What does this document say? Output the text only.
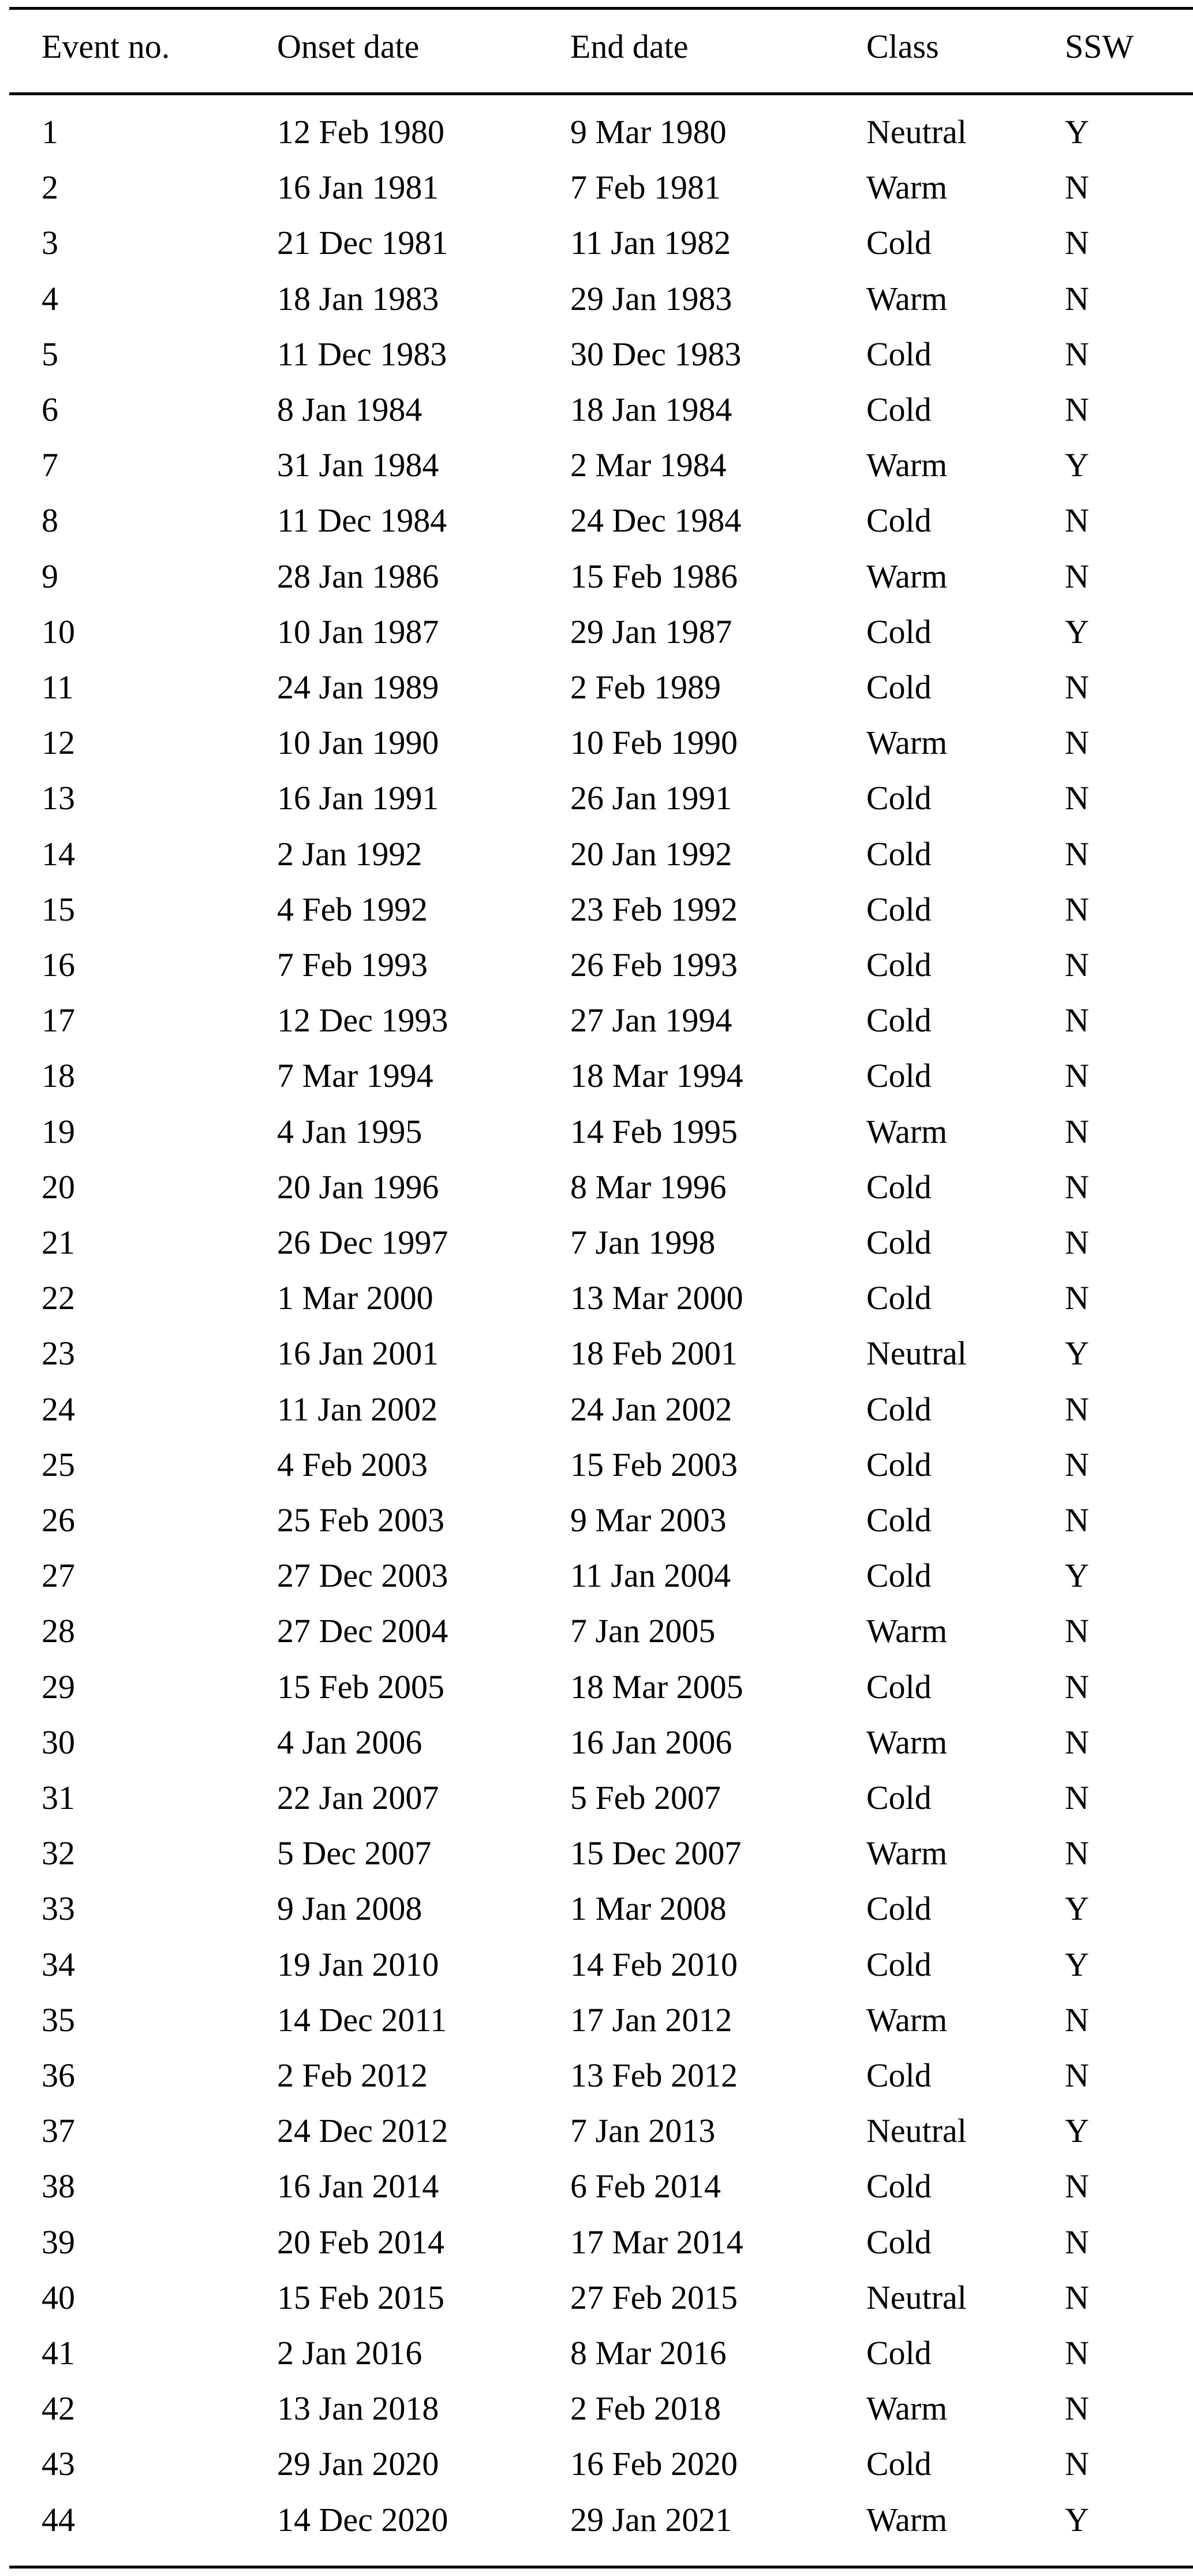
Event no.	Onset date	End date	Class	SSW
1	12 Feb 1980	9 Mar 1980	Neutral	Y
2	16 Jan 1981	7 Feb 1981	Warm	N
3	21 Dec 1981	11 Jan 1982	Cold	N
4	18 Jan 1983	29 Jan 1983	Warm	N
5	11 Dec 1983	30 Dec 1983	Cold	N
6	8 Jan 1984	18 Jan 1984	Cold	N
7	31 Jan 1984	2 Mar 1984	Warm	Y
8	11 Dec 1984	24 Dec 1984	Cold	N
9	28 Jan 1986	15 Feb 1986	Warm	N
10	10 Jan 1987	29 Jan 1987	Cold	Y
11	24 Jan 1989	2 Feb 1989	Cold	N
12	10 Jan 1990	10 Feb 1990	Warm	N
13	16 Jan 1991	26 Jan 1991	Cold	N
14	2 Jan 1992	20 Jan 1992	Cold	N
15	4 Feb 1992	23 Feb 1992	Cold	N
16	7 Feb 1993	26 Feb 1993	Cold	N
17	12 Dec 1993	27 Jan 1994	Cold	N
18	7 Mar 1994	18 Mar 1994	Cold	N
19	4 Jan 1995	14 Feb 1995	Warm	N
20	20 Jan 1996	8 Mar 1996	Cold	N
21	26 Dec 1997	7 Jan 1998	Cold	N
22	1 Mar 2000	13 Mar 2000	Cold	N
23	16 Jan 2001	18 Feb 2001	Neutral	Y
24	11 Jan 2002	24 Jan 2002	Cold	N
25	4 Feb 2003	15 Feb 2003	Cold	N
26	25 Feb 2003	9 Mar 2003	Cold	N
27	27 Dec 2003	11 Jan 2004	Cold	Y
28	27 Dec 2004	7 Jan 2005	Warm	N
29	15 Feb 2005	18 Mar 2005	Cold	N
30	4 Jan 2006	16 Jan 2006	Warm	N
31	22 Jan 2007	5 Feb 2007	Cold	N
32	5 Dec 2007	15 Dec 2007	Warm	N
33	9 Jan 2008	1 Mar 2008	Cold	Y
34	19 Jan 2010	14 Feb 2010	Cold	Y
35	14 Dec 2011	17 Jan 2012	Warm	N
36	2 Feb 2012	13 Feb 2012	Cold	N
37	24 Dec 2012	7 Jan 2013	Neutral	Y
38	16 Jan 2014	6 Feb 2014	Cold	N
39	20 Feb 2014	17 Mar 2014	Cold	N
40	15 Feb 2015	27 Feb 2015	Neutral	N
41	2 Jan 2016	8 Mar 2016	Cold	N
42	13 Jan 2018	2 Feb 2018	Warm	N
43	29 Jan 2020	16 Feb 2020	Cold	N
44	14 Dec 2020	29 Jan 2021	Warm	Y
